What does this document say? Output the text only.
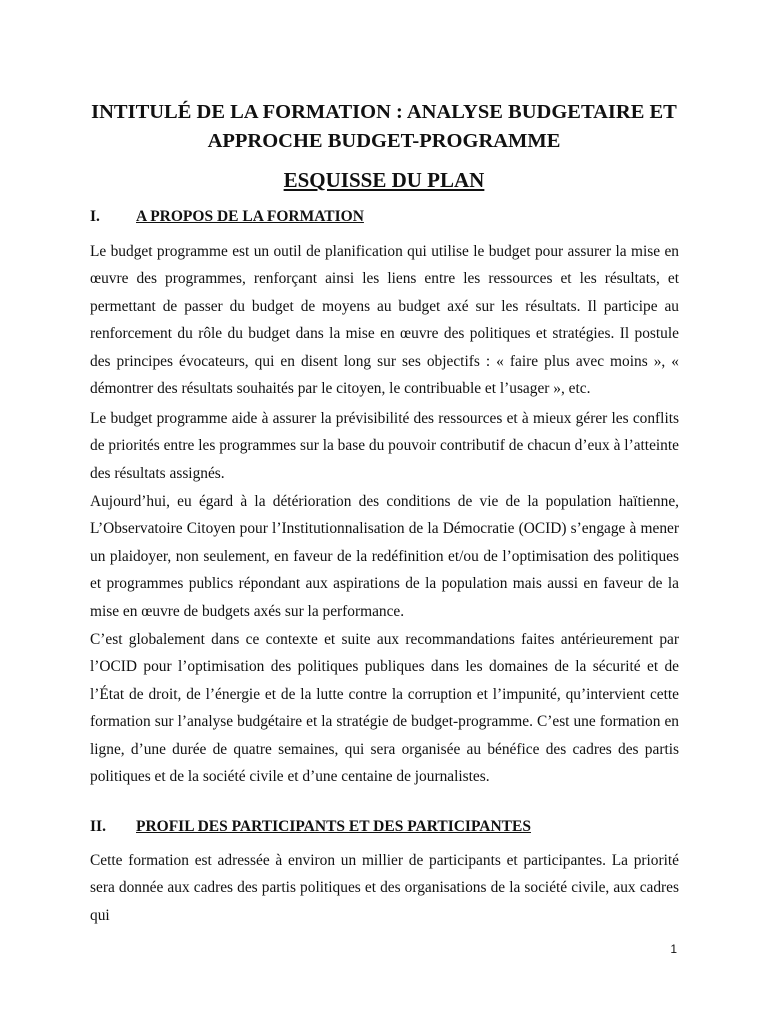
INTITULÉ DE LA FORMATION : ANALYSE BUDGETAIRE ET APPROCHE BUDGET-PROGRAMME
ESQUISSE DU PLAN
I. A PROPOS DE LA FORMATION

Le budget programme est un outil de planification qui utilise le budget pour assurer la mise en œuvre des programmes, renforçant ainsi les liens entre les ressources et les résultats, et permettant de passer du budget de moyens au budget axé sur les résultats. Il participe au renforcement du rôle du budget dans la mise en œuvre des politiques et stratégies. Il postule des principes évocateurs, qui en disent long sur ses objectifs : « faire plus avec moins », « démontrer des résultats souhaités par le citoyen, le contribuable et l’usager », etc.

Le budget programme aide à assurer la prévisibilité des ressources et à mieux gérer les conflits de priorités entre les programmes sur la base du pouvoir contributif de chacun d’eux à l’atteinte des résultats assignés.

Aujourd’hui, eu égard à la détérioration des conditions de vie de la population haïtienne, L’Observatoire Citoyen pour l’Institutionnalisation de la Démocratie (OCID) s’engage à mener un plaidoyer, non seulement, en faveur de la redéfinition et/ou de l’optimisation des politiques et programmes publics répondant aux aspirations de la population mais aussi en faveur de la mise en œuvre de budgets axés sur la performance.

C’est globalement dans ce contexte et suite aux recommandations faites antérieurement par l’OCID pour l’optimisation des politiques publiques dans les domaines de la sécurité et de l’État de droit, de l’énergie et de la lutte contre la corruption et l’impunité, qu’intervient cette formation sur l’analyse budgétaire et la stratégie de budget-programme. C’est une formation en ligne, d’une durée de quatre semaines, qui sera organisée au bénéfice des cadres des partis politiques et de la société civile et d’une centaine de journalistes.

II. PROFIL DES PARTICIPANTS ET DES PARTICIPANTES

Cette formation est adressée à environ un millier de participants et participantes. La priorité sera donnée aux cadres des partis politiques et des organisations de la société civile, aux cadres qui

1
